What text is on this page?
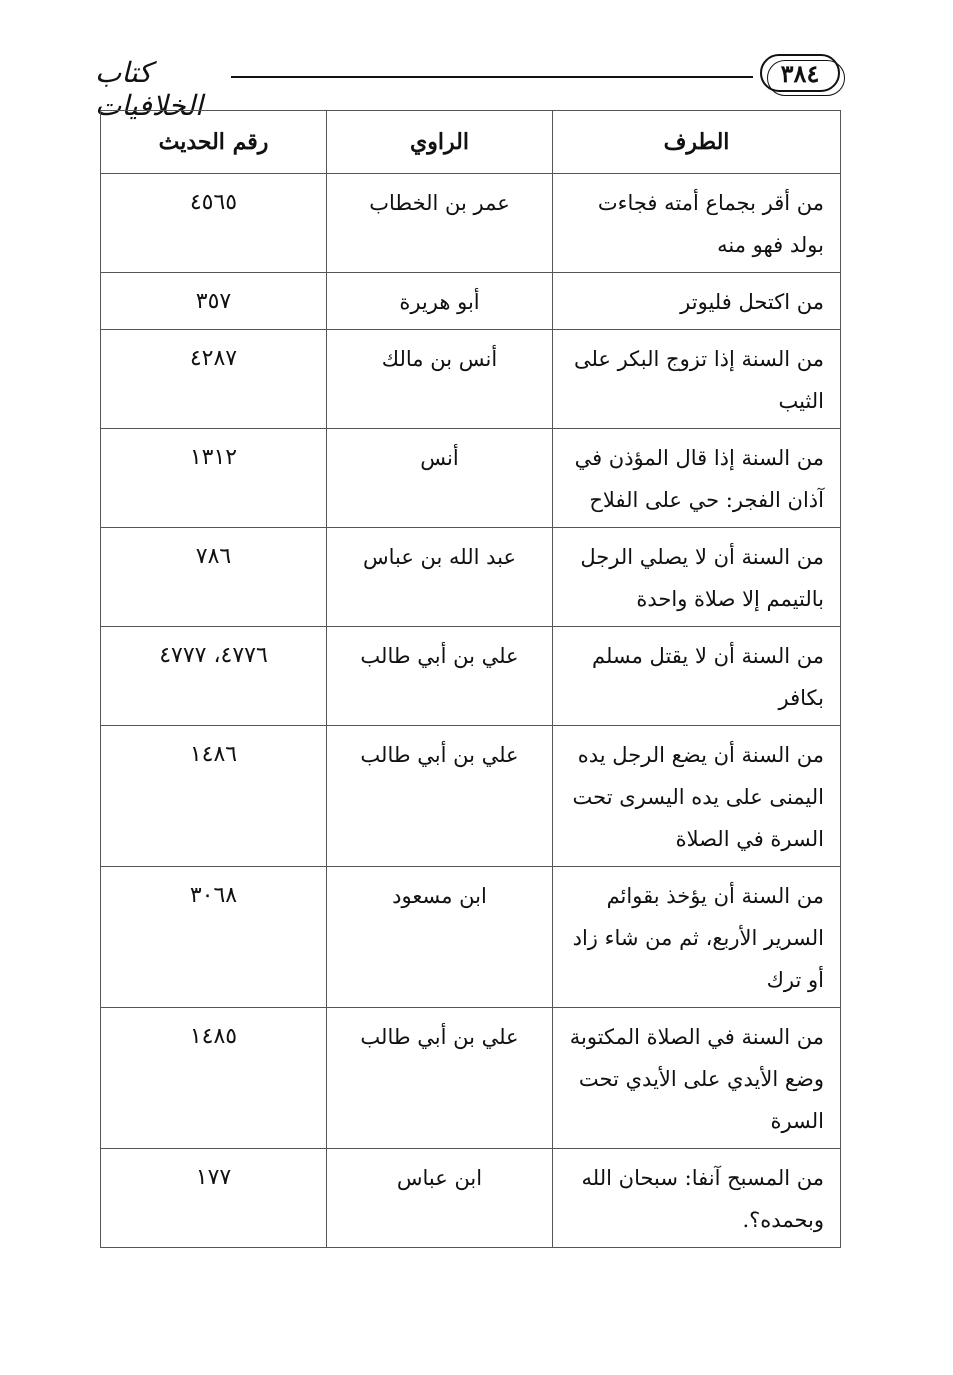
كتاب الخلافيات
٣٨٤
الطرف	الراوي	رقم الحديث
من أقر بجماع أمته فجاءت بولد فهو منه	عمر بن الخطاب	٤٥٦٥
من اكتحل فليوتر	أبو هريرة	٣٥٧
من السنة إذا تزوج البكر على الثيب	أنس بن مالك	٤٢٨٧
من السنة إذا قال المؤذن في آذان الفجر: حي على الفلاح	أنس	١٣١٢
من السنة أن لا يصلي الرجل بالتيمم إلا صلاة واحدة	عبد الله بن عباس	٧٨٦
من السنة أن لا يقتل مسلم بكافر	علي بن أبي طالب	٤٧٧٦، ٤٧٧٧
من السنة أن يضع الرجل يده اليمنى على يده اليسرى تحت السرة في الصلاة	علي بن أبي طالب	١٤٨٦
من السنة أن يؤخذ بقوائم السرير الأربع، ثم من شاء زاد أو ترك	ابن مسعود	٣٠٦٨
من السنة في الصلاة المكتوبة وضع الأيدي على الأيدي تحت السرة	علي بن أبي طالب	١٤٨٥
من المسبح آنفا: سبحان الله وبحمده؟.	ابن عباس	١٧٧
